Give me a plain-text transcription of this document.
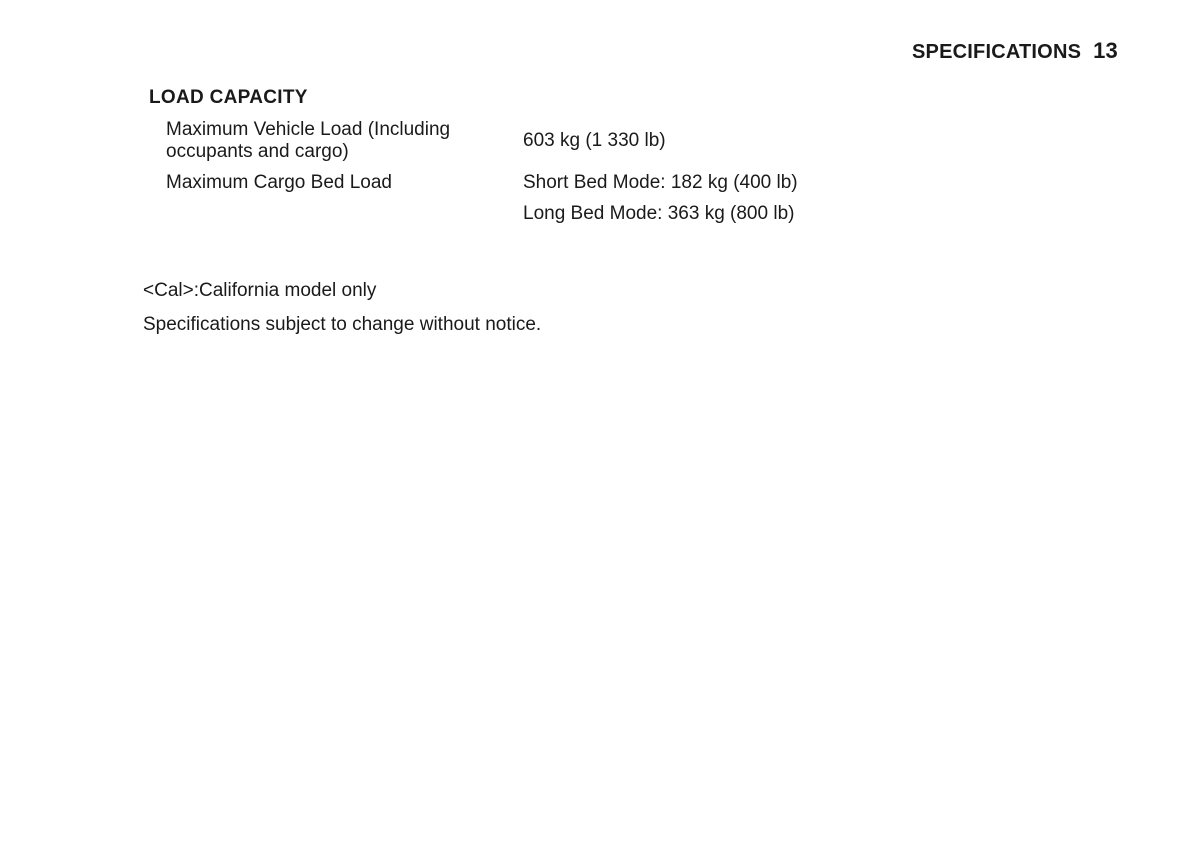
SPECIFICATIONS 13
LOAD CAPACITY
Maximum Vehicle Load (Including
occupants and cargo)
603 kg (1 330 lb)
Maximum Cargo Bed Load	Short Bed Mode: 182 kg (400 lb)
Long Bed Mode: 363 kg (800 lb)
<Cal>:California model only
Specifications subject to change without notice.
